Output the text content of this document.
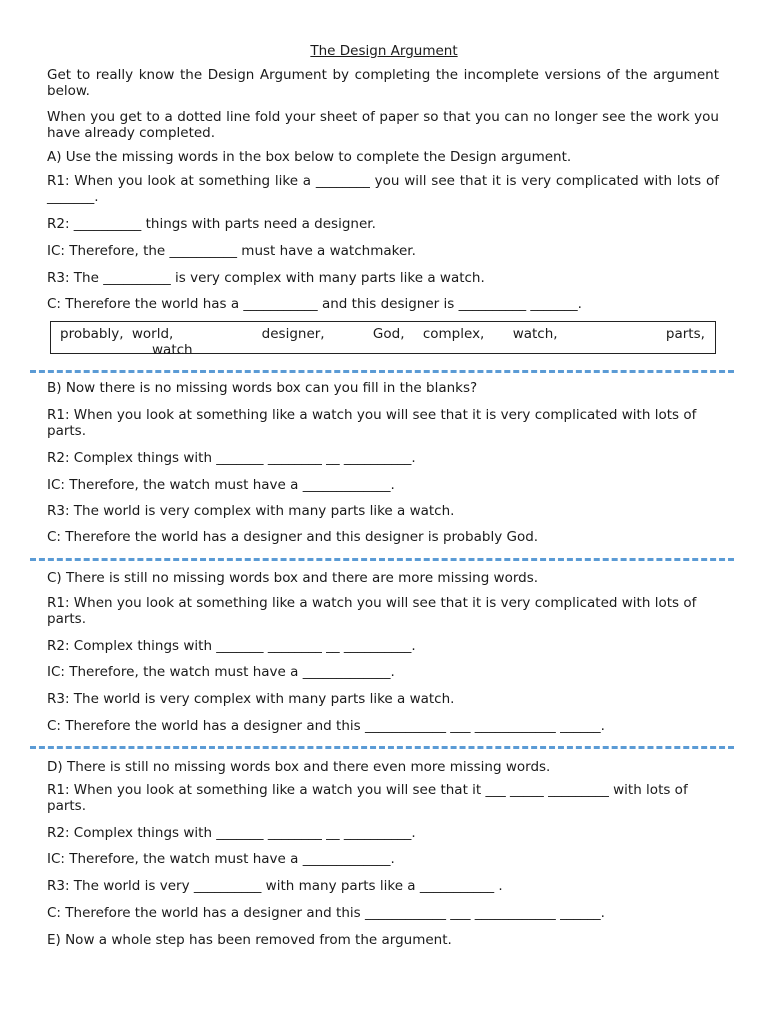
The Design Argument

Get to really know the Design Argument by completing the incomplete versions of the argument below.

When you get to a dotted line fold your sheet of paper so that you can no longer see the work you have already completed.

A) Use the missing words in the box below to complete the Design argument.

R1: When you look at something like a ________ you will see that it is very complicated with lots of _______.

R2: __________ things with parts need a designer.

IC: Therefore, the __________ must have a watchmaker.

R3: The __________ is very complex with many parts like a watch.

C: Therefore the world has a ___________ and this designer is __________ _______.

probably, world,	designer,	God, complex, watch,	parts,
watch

B) Now there is no missing words box can you fill in the blanks?

R1: When you look at something like a watch you will see that it is very complicated with lots of parts.

R2: Complex things with _______ ________ __ __________.

IC: Therefore, the watch must have a _____________.

R3: The world is very complex with many parts like a watch.

C: Therefore the world has a designer and this designer is probably God.

C) There is still no missing words box and there are more missing words.

R1: When you look at something like a watch you will see that it is very complicated with lots of parts.

R2: Complex things with _______ ________ __ __________.

IC: Therefore, the watch must have a _____________.

R3: The world is very complex with many parts like a watch.

C: Therefore the world has a designer and this ____________ ___ ____________ ______.

D) There is still no missing words box and there even more missing words.

R1: When you look at something like a watch you will see that it ___ _____ _________ with lots of parts.

R2: Complex things with _______ ________ __ __________.

IC: Therefore, the watch must have a _____________.

R3: The world is very __________ with many parts like a ___________ .

C: Therefore the world has a designer and this ____________ ___ ____________ ______.

E) Now a whole step has been removed from the argument.
